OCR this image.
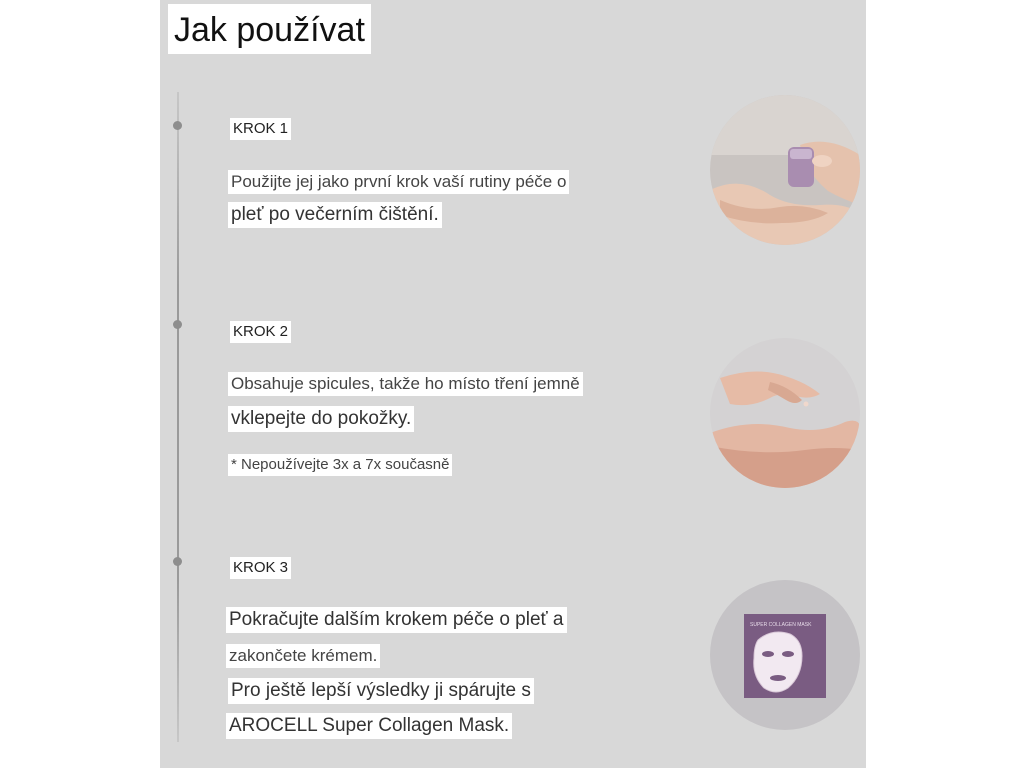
Jak používat
KROK 1
Použijte jej jako první krok vaší rutiny péče o
pleť po večerním čištění.
KROK 2
Obsahuje spicules, takže ho místo tření jemně
vklepejte do pokožky.
* Nepoužívejte 3x a 7x současně
KROK 3
Pokračujte dalším krokem péče o pleť a
zakončete krémem.
Pro ještě lepší výsledky ji spárujte s
AROCELL Super Collagen Mask.
SUPER COLLAGEN MASK
